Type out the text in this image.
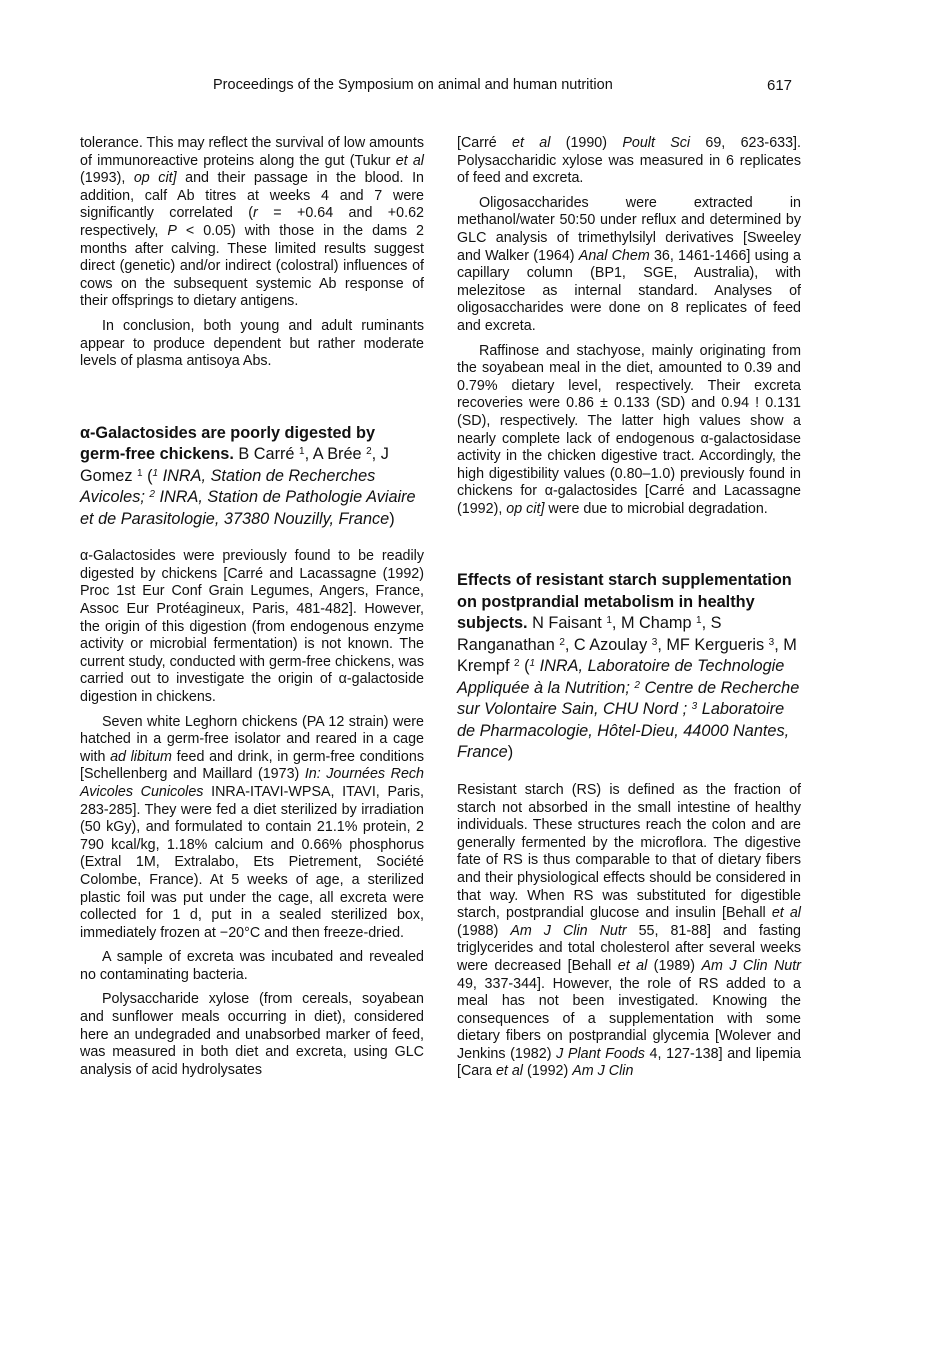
Proceedings of the Symposium on animal and human nutrition	617

tolerance. This may reflect the survival of low amounts of immunoreactive proteins along the gut (Tukur et al (1993), op cit] and their passage in the blood. In addition, calf Ab titres at weeks 4 and 7 were significantly correlated (r = +0.64 and +0.62 respectively, P < 0.05) with those in the dams 2 months after calving. These limited results suggest direct (genetic) and/or indirect (colostral) influences of cows on the subsequent systemic Ab response of their offsprings to dietary antigens.

In conclusion, both young and adult ruminants appear to produce dependent but rather moderate levels of plasma antisoya Abs.

α-Galactosides are poorly digested by germ-free chickens. B Carré $^1$, A Brée $^2$, J Gomez $^1$ ($^1$ INRA, Station de Recherches Avicoles; $^2$ INRA, Station de Pathologie Aviaire et de Parasitologie, 37380 Nouzilly, France)

α-Galactosides were previously found to be readily digested by chickens [Carré and Lacassagne (1992) Proc 1st Eur Conf Grain Legumes, Angers, France, Assoc Eur Protéagineux, Paris, 481-482]. However, the origin of this digestion (from endogenous enzyme activity or microbial fermentation) is not known. The current study, conducted with germ-free chickens, was carried out to investigate the origin of α-galactoside digestion in chickens.

Seven white Leghorn chickens (PA 12 strain) were hatched in a germ-free isolator and reared in a cage with ad libitum feed and drink, in germ-free conditions [Schellenberg and Maillard (1973) In: Journées Rech Avicoles Cunicoles INRA-ITAVI-WPSA, ITAVI, Paris, 283-285]. They were fed a diet sterilized by irradiation (50 kGy), and formulated to contain 21.1% protein, 2 790 kcal/kg, 1.18% calcium and 0.66% phosphorus (Extral 1M, Extralabo, Ets Pietrement, Société Colombe, France). At 5 weeks of age, a sterilized plastic foil was put under the cage, all excreta were collected for 1 d, put in a sealed sterilized box, immediately frozen at −20°C and then freeze-dried.

A sample of excreta was incubated and revealed no contaminating bacteria.

Polysaccharide xylose (from cereals, soyabean and sunflower meals occurring in diet), considered here an undegraded and unabsorbed marker of feed, was measured in both diet and excreta, using GLC analysis of acid hydrolysates

[Carré et al (1990) Poult Sci 69, 623-633]. Polysaccharidic xylose was measured in 6 replicates of feed and excreta.

Oligosaccharides were extracted in methanol/water 50:50 under reflux and determined by GLC analysis of trimethylsilyl derivatives [Sweeley and Walker (1964) Anal Chem 36, 1461-1466] using a capillary column (BP1, SGE, Australia), with melezitose as internal standard. Analyses of oligosaccharides were done on 8 replicates of feed and excreta.

Raffinose and stachyose, mainly originating from the soyabean meal in the diet, amounted to 0.39 and 0.79% dietary level, respectively. Their excreta recoveries were 0.86 ± 0.133 (SD) and 0.94 ! 0.131 (SD), respectively. The latter high values show a nearly complete lack of endogenous α-galactosidase activity in the chicken digestive tract. Accordingly, the high digestibility values (0.80–1.0) previously found in chickens for α-galactosides [Carré and Lacassagne (1992), op cit] were due to microbial degradation.

Effects of resistant starch supplementation on postprandial metabolism in healthy subjects. N Faisant $^1$, M Champ $^1$, S Ranganathan $^2$, C Azoulay $^3$, MF Kergueris $^3$, M Krempf $^2$ ($^1$ INRA, Laboratoire de Technologie Appliquée à la Nutrition; $^2$ Centre de Recherche sur Volontaire Sain, CHU Nord ; $^3$ Laboratoire de Pharmacologie, Hôtel-Dieu, 44000 Nantes, France)

Resistant starch (RS) is defined as the fraction of starch not absorbed in the small intestine of healthy individuals. These structures reach the colon and are generally fermented by the microflora. The digestive fate of RS is thus comparable to that of dietary fibers and their physiological effects should be considered in that way. When RS was substituted for digestible starch, postprandial glucose and insulin [Behall et al (1988) Am J Clin Nutr 55, 81-88] and fasting triglycerides and total cholesterol after several weeks were decreased [Behall et al (1989) Am J Clin Nutr 49, 337-344]. However, the role of RS added to a meal has not been investigated. Knowing the consequences of a supplementation with some dietary fibers on postprandial glycemia [Wolever and Jenkins (1982) J Plant Foods 4, 127-138] and lipemia [Cara et al (1992) Am J Clin
